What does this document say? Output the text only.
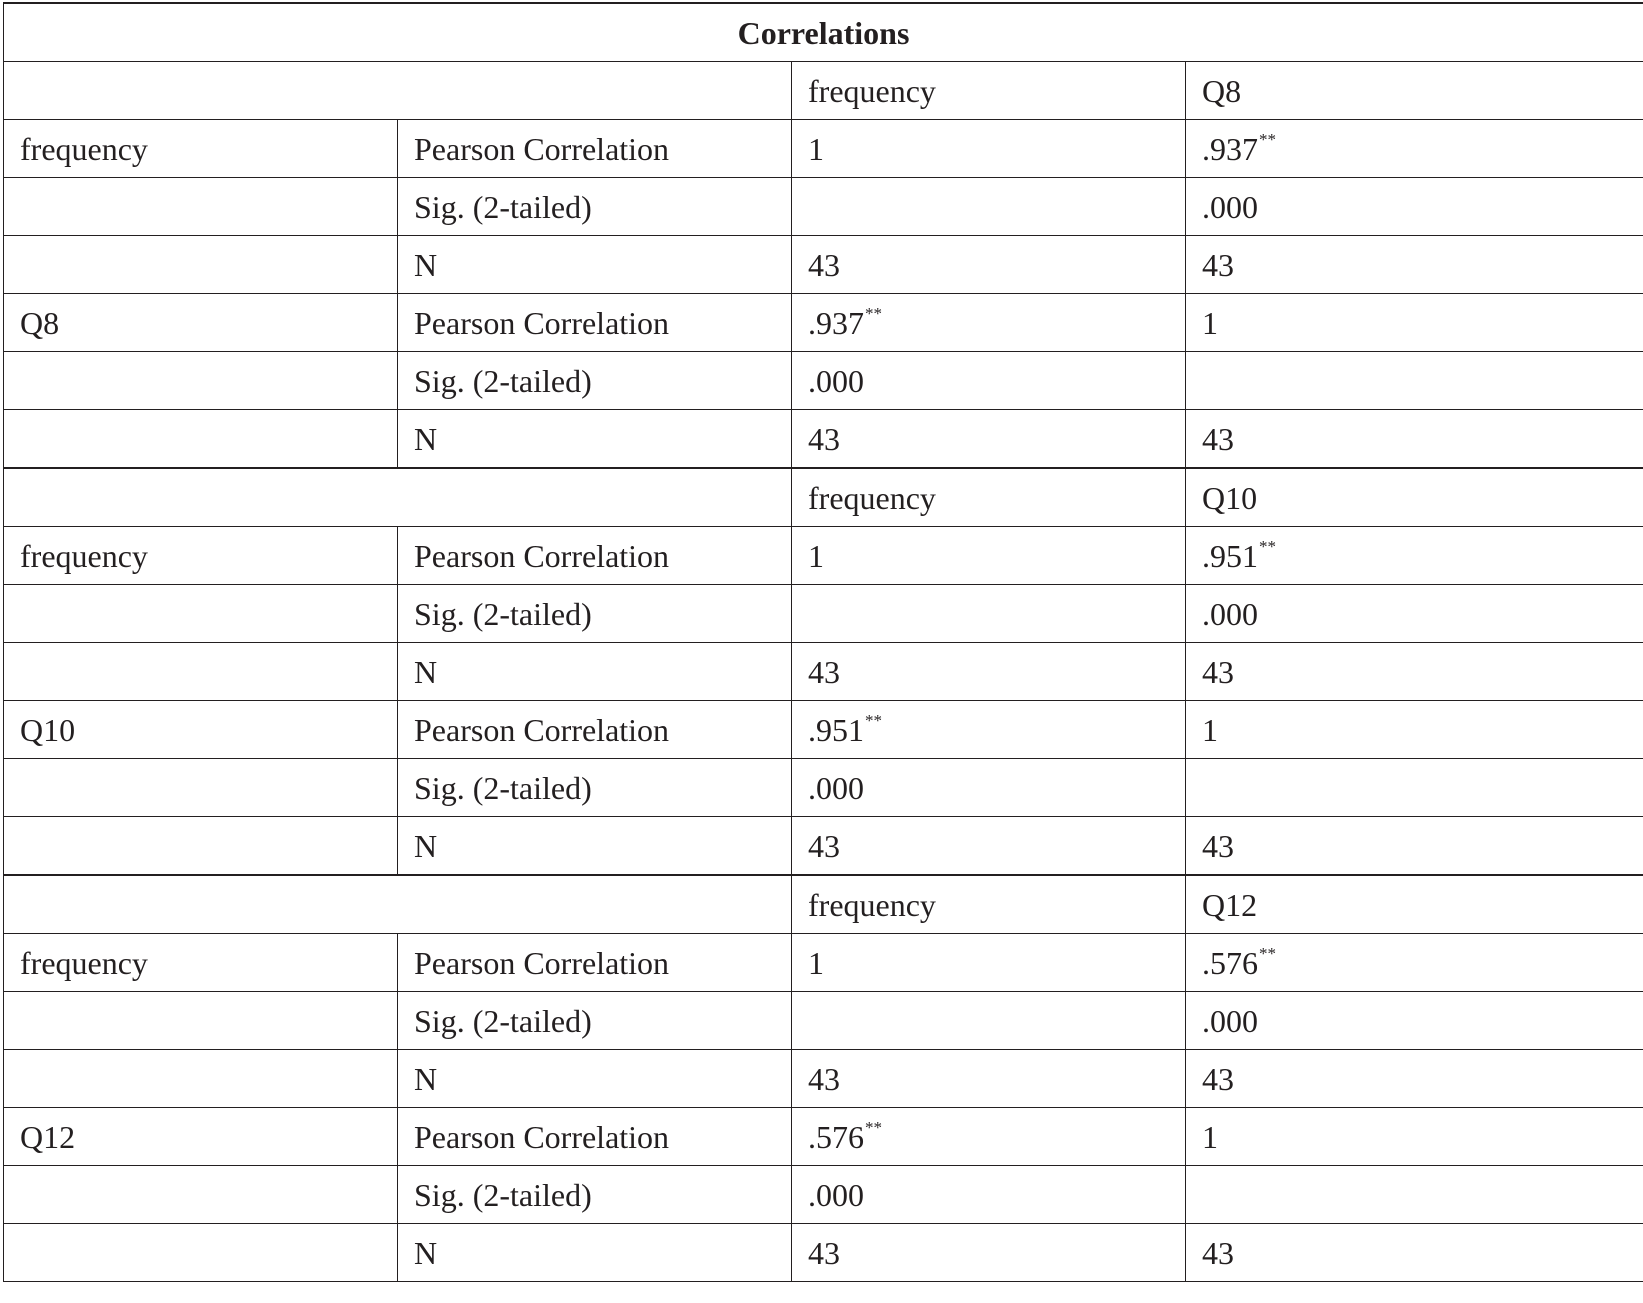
Correlations			
		frequency	Q8
frequency	Pearson Correlation	1	.937**
	Sig. (2-tailed)		.000
	N	43	43
Q8	Pearson Correlation	.937**	1
	Sig. (2-tailed)	.000	
	N	43	43
		frequency	Q10
frequency	Pearson Correlation	1	.951**
	Sig. (2-tailed)		.000
	N	43	43
Q10	Pearson Correlation	.951**	1
	Sig. (2-tailed)	.000	
	N	43	43
		frequency	Q12
frequency	Pearson Correlation	1	.576**
	Sig. (2-tailed)		.000
	N	43	43
Q12	Pearson Correlation	.576**	1
	Sig. (2-tailed)	.000	
	N	43	43
